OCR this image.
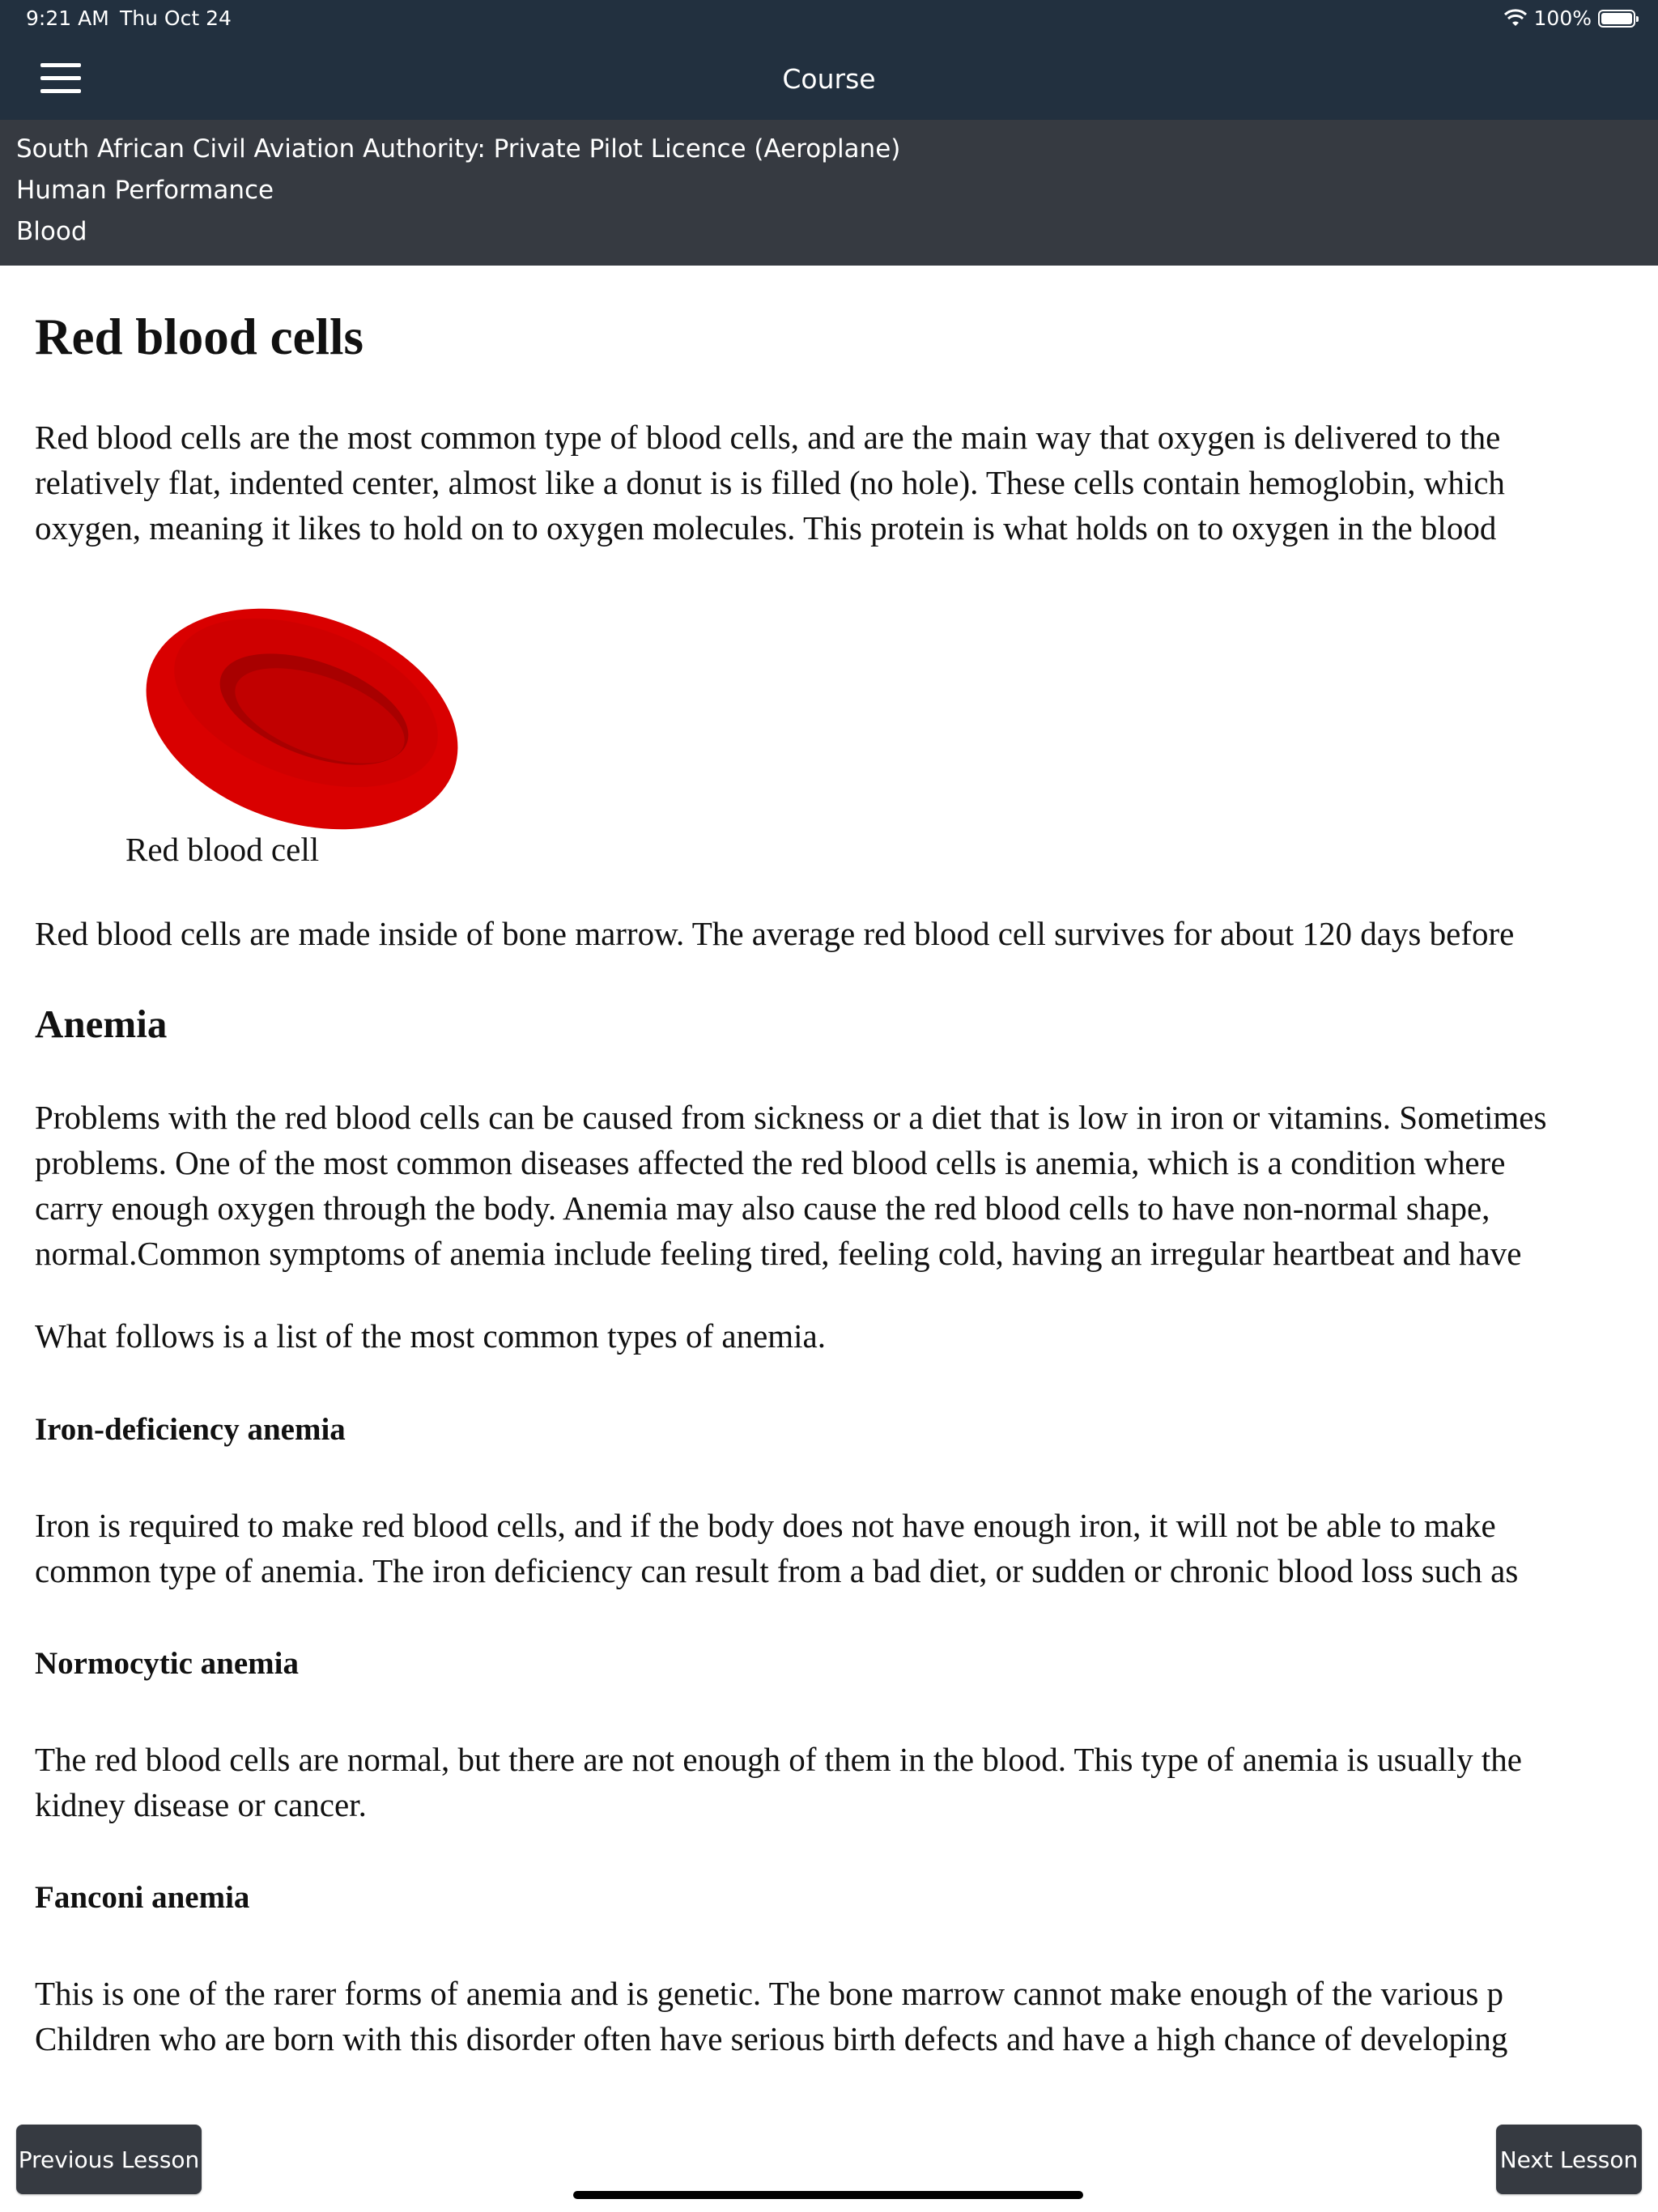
9:21 AM Thu Oct 24	100%
Course
South African Civil Aviation Authority: Private Pilot Licence (Aeroplane)
Human Performance
Blood
Red blood cells

Red blood cells are the most common type of blood cells, and are the main way that oxygen is delivered to the

relatively flat, indented center, almost like a donut is is filled (no hole). These cells contain hemoglobin, which

oxygen, meaning it likes to hold on to oxygen molecules. This protein is what holds on to oxygen in the blood

Red blood cell

Red blood cells are made inside of bone marrow. The average red blood cell survives for about 120 days before

Anemia

Problems with the red blood cells can be caused from sickness or a diet that is low in iron or vitamins. Sometimes

problems. One of the most common diseases affected the red blood cells is anemia, which is a condition where

carry enough oxygen through the body. Anemia may also cause the red blood cells to have non-normal shape,

normal.Common symptoms of anemia include feeling tired, feeling cold, having an irregular heartbeat and have

What follows is a list of the most common types of anemia.

Iron-deficiency anemia

Iron is required to make red blood cells, and if the body does not have enough iron, it will not be able to make

common type of anemia. The iron deficiency can result from a bad diet, or sudden or chronic blood loss such as

Normocytic anemia

The red blood cells are normal, but there are not enough of them in the blood. This type of anemia is usually the

kidney disease or cancer.

Fanconi anemia

This is one of the rarer forms of anemia and is genetic. The bone marrow cannot make enough of the various p

Children who are born with this disorder often have serious birth defects and have a high chance of developing

Previous Lesson	Next Lesson
